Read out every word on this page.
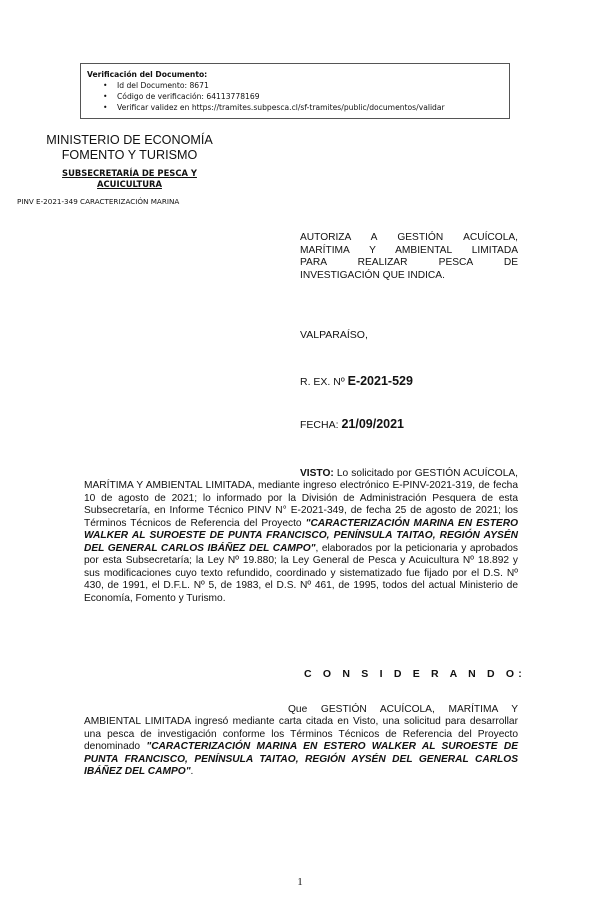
Verificación del Documento:
• Id del Documento: 8671
• Código de verificación: 64113778169
• Verificar validez en https://tramites.subpesca.cl/sf-tramites/public/documentos/validar
MINISTERIO DE ECONOMÍA
FOMENTO Y TURISMO
SUBSECRETARÍA DE PESCA Y ACUICULTURA
PINV E-2021-349 CARACTERIZACIÓN MARINA
AUTORIZA A GESTIÓN ACUÍCOLA,
MARÍTIMA Y AMBIENTAL LIMITADA
PARA REALIZAR PESCA DE
INVESTIGACIÓN QUE INDICA.
VALPARAÍSO,
R. EX. Nº E-2021-529
FECHA: 21/09/2021
VISTO: Lo solicitado por GESTIÓN ACUÍCOLA, MARÍTIMA Y AMBIENTAL LIMITADA, mediante ingreso electrónico E-PINV-2021-319, de fecha 10 de agosto de 2021; lo informado por la División de Administración Pesquera de esta Subsecretaría, en Informe Técnico PINV N° E-2021-349, de fecha 25 de agosto de 2021; los Términos Técnicos de Referencia del Proyecto "CARACTERIZACIÓN MARINA EN ESTERO WALKER AL SUROESTE DE PUNTA FRANCISCO, PENÍNSULA TAITAO, REGIÓN AYSÉN DEL GENERAL CARLOS IBÁÑEZ DEL CAMPO", elaborados por la peticionaria y aprobados por esta Subsecretaría; la Ley Nº 19.880; la Ley General de Pesca y Acuicultura Nº 18.892 y sus modificaciones cuyo texto refundido, coordinado y sistematizado fue fijado por el D.S. Nº 430, de 1991, el D.F.L. Nº 5, de 1983, el D.S. Nº 461, de 1995, todos del actual Ministerio de Economía, Fomento y Turismo.
C O N S I D E R A N D O:
Que GESTIÓN ACUÍCOLA, MARÍTIMA Y AMBIENTAL LIMITADA ingresó mediante carta citada en Visto, una solicitud para desarrollar una pesca de investigación conforme los Términos Técnicos de Referencia del Proyecto denominado "CARACTERIZACIÓN MARINA EN ESTERO WALKER AL SUROESTE DE PUNTA FRANCISCO, PENÍNSULA TAITAO, REGIÓN AYSÉN DEL GENERAL CARLOS IBÁÑEZ DEL CAMPO".
1
